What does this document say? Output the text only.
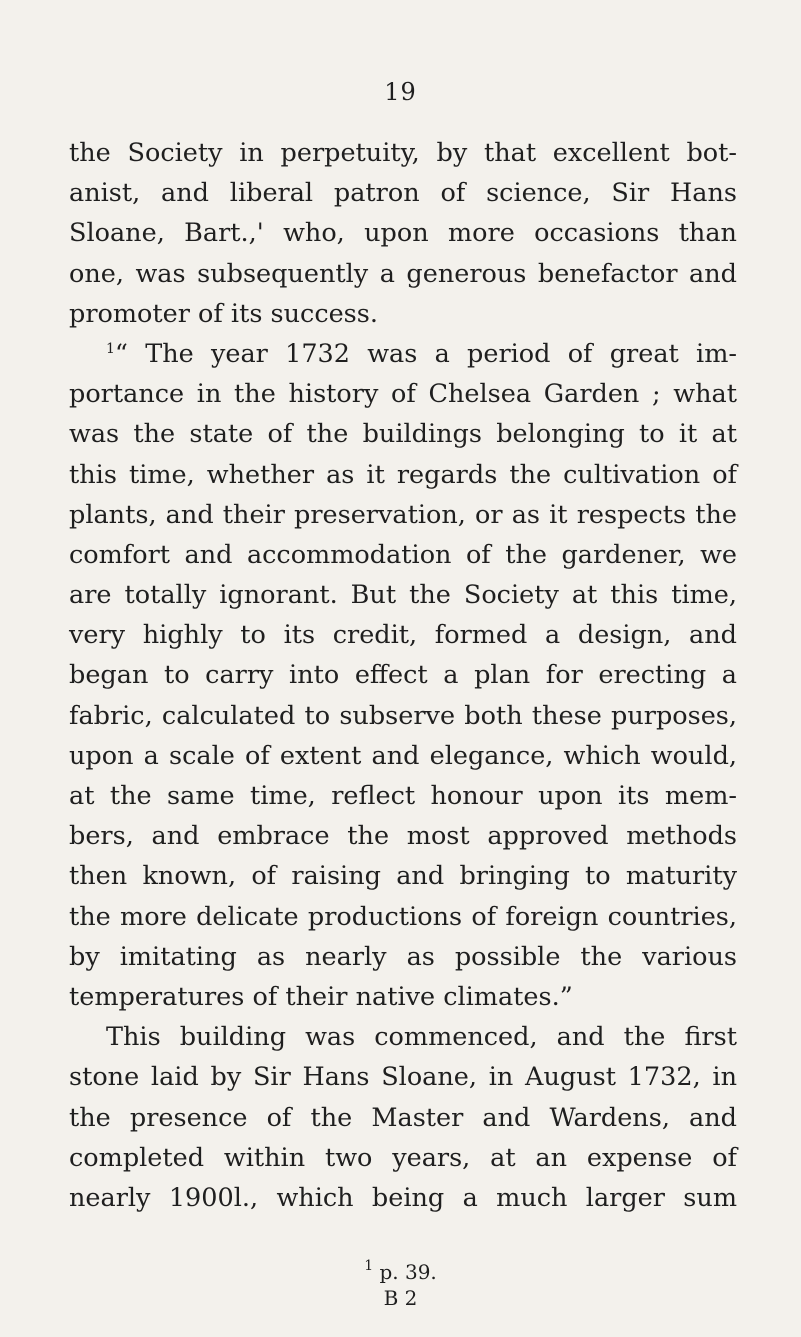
19
the Society in perpetuity, by that excellent bot-
anist, and liberal patron of science, Sir Hans
Sloane, Bart.,' who, upon more occasions than
one, was subsequently a generous benefactor and
promoter of its success.
$^1$“ The year 1732 was a period of great im-
portance in the history of Chelsea Garden ; what
was the state of the buildings belonging to it at
this time, whether as it regards the cultivation of
plants, and their preservation, or as it respects the
comfort and accommodation of the gardener, we
are totally ignorant. But the Society at this time,
very highly to its credit, formed a design, and
began to carry into effect a plan for erecting a
fabric, calculated to subserve both these purposes,
upon a scale of extent and elegance, which would,
at the same time, reflect honour upon its mem-
bers, and embrace the most approved methods
then known, of raising and bringing to maturity
the more delicate productions of foreign countries,
by imitating as nearly as possible the various
temperatures of their native climates.”
This building was commenced, and the first
stone laid by Sir Hans Sloane, in August 1732, in
the presence of the Master and Wardens, and
completed within two years, at an expense of
nearly 1900l., which being a much larger sum
$^1$ p. 39.
B 2
